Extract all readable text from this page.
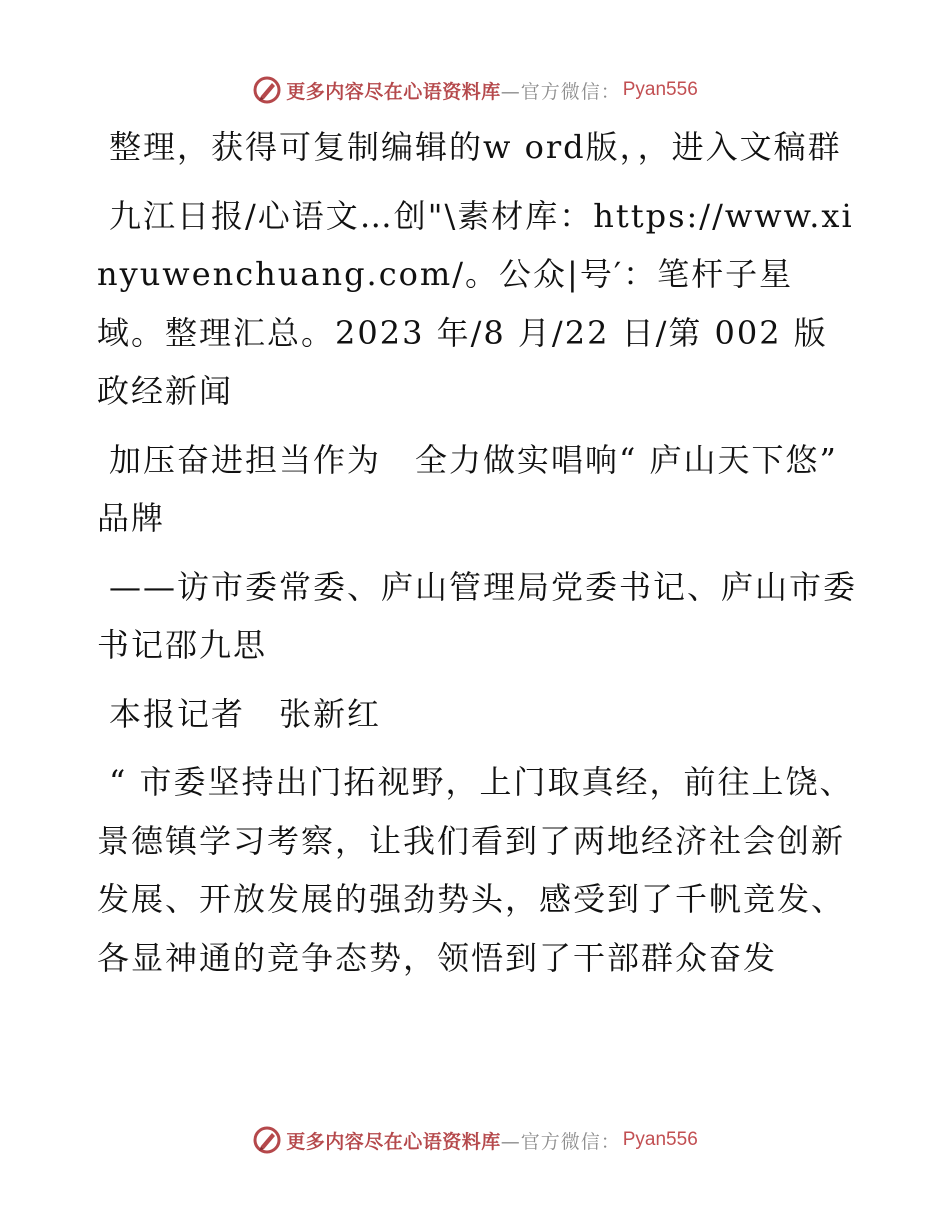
更多内容尽在心语资料库 —官方微信： Pyan556

整理，获得可复制编辑的w ord版，，进入文稿群

九江日报/心语文…创"\素材库：https://www.xinyuwenchuang.com/。公众|号′：笔杆子星域。整理汇总。2023 年/8 月/22 日/第 002 版政经新闻

加压奋进担当作为　全力做实唱响“ 庐山天下悠” 品牌

——访市委常委、庐山管理局党委书记、庐山市委书记邵九思

本报记者　张新红

“ 市委坚持出门拓视野，上门取真经，前往上饶、景德镇学习考察，让我们看到了两地经济社会创新发展、开放发展的强劲势头，感受到了千帆竞发、各显神通的竞争态势，领悟到了干部群众奋发

更多内容尽在心语资料库 —官方微信： Pyan556
